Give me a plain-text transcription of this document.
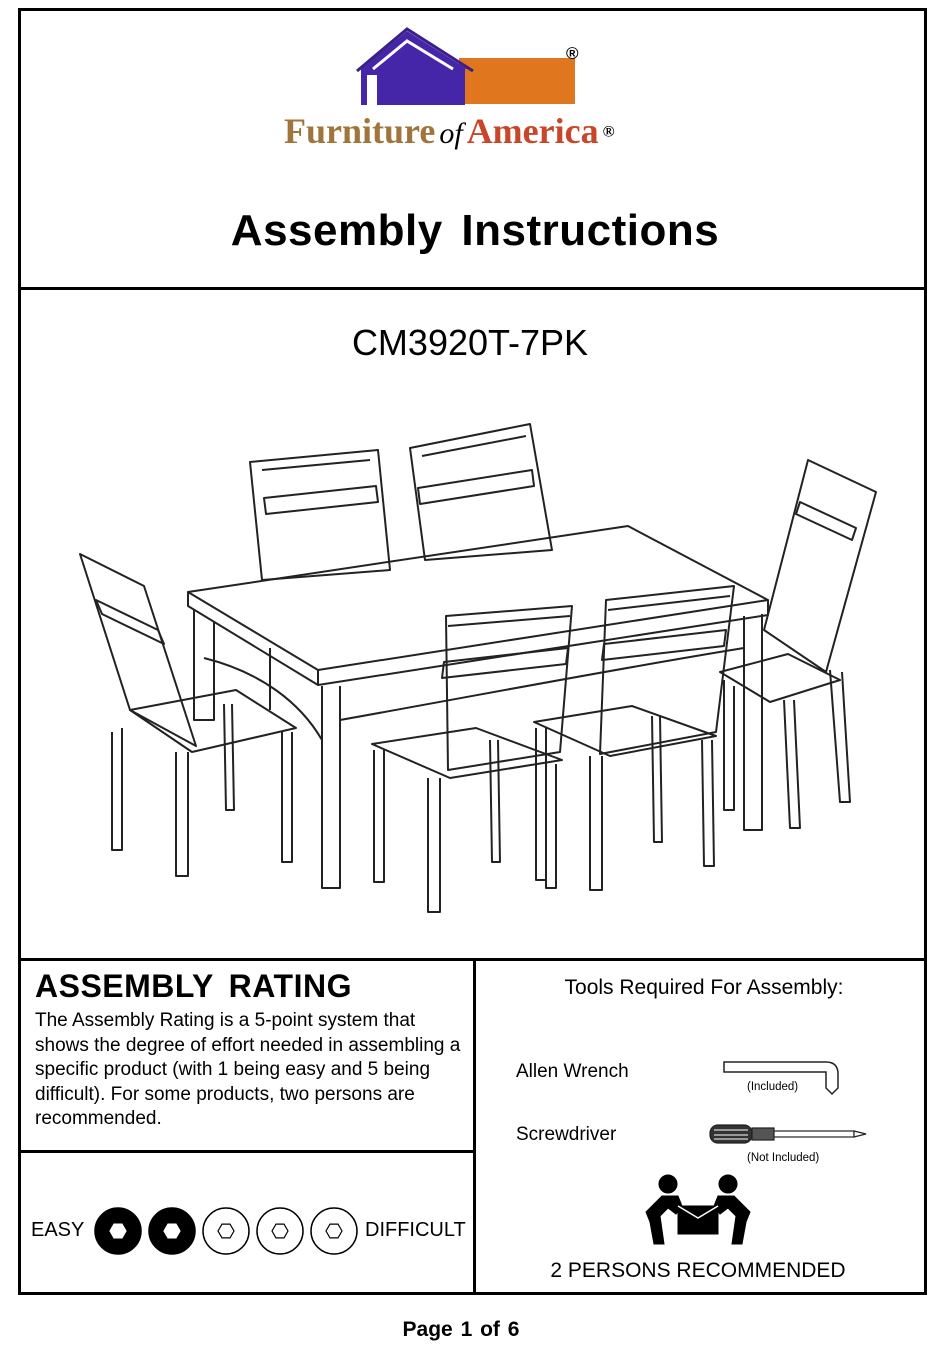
®
Furniture of America ®
Assembly Instructions
CM3920T-7PK
ASSEMBLY RATING
The Assembly Rating is a 5-point system that shows the degree of effort needed in assembling a specific product (with 1 being easy and 5 being difficult). For some products, two persons are recommended.
EASY	DIFFICULT
Tools Required For Assembly:
Allen Wrench
(Included)
Screwdriver
(Not Included)
2 PERSONS RECOMMENDED
Page 1 of 6
